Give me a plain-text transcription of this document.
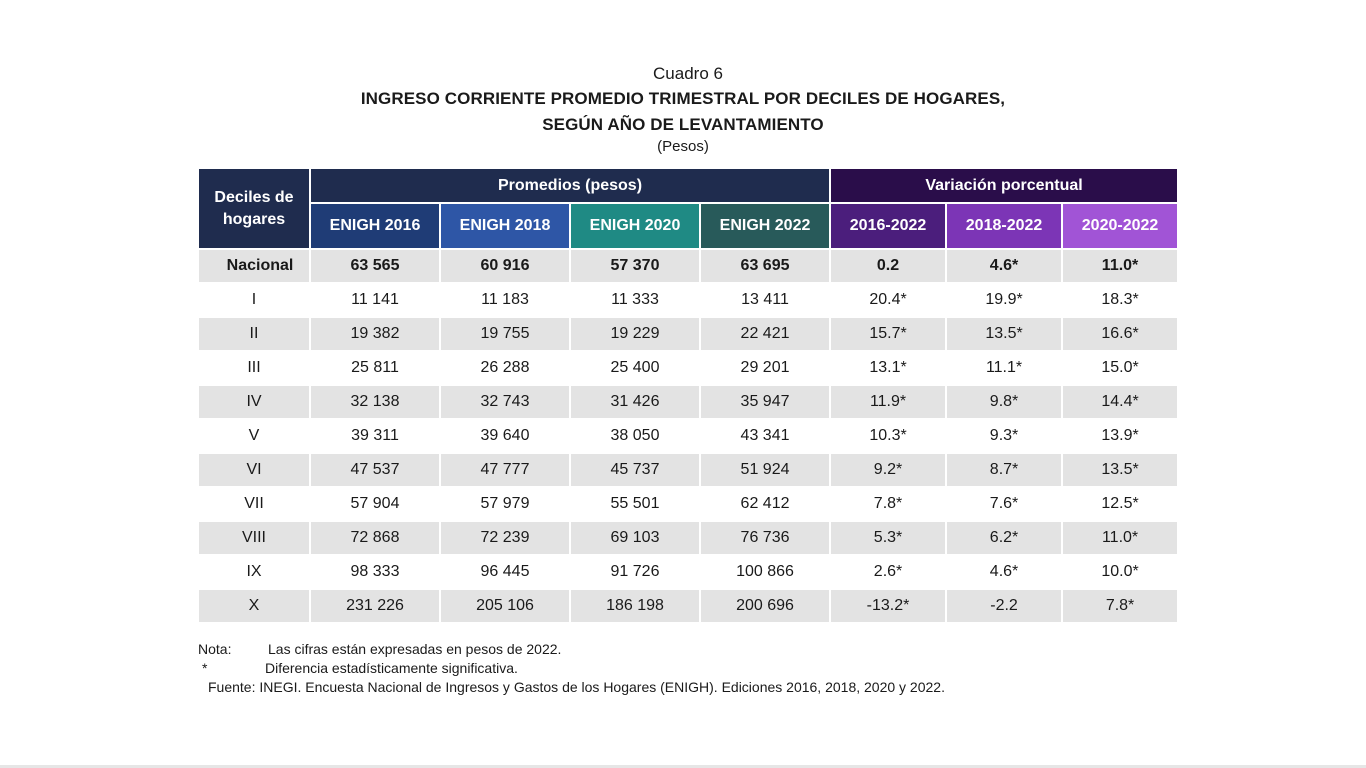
Cuadro 6
INGRESO CORRIENTE PROMEDIO TRIMESTRAL POR DECILES DE HOGARES,
SEGÚN AÑO DE LEVANTAMIENTO
(Pesos)
Deciles de hogares	Promedios (pesos)				Variación porcentual		
	ENIGH 2016	ENIGH 2018	ENIGH 2020	ENIGH 2022	2016-2022	2018-2022	2020-2022
Nacional	63 565	60 916	57 370	63 695	0.2	4.6*	11.0*
I	11 141	11 183	11 333	13 411	20.4*	19.9*	18.3*
II	19 382	19 755	19 229	22 421	15.7*	13.5*	16.6*
III	25 811	26 288	25 400	29 201	13.1*	11.1*	15.0*
IV	32 138	32 743	31 426	35 947	11.9*	9.8*	14.4*
V	39 311	39 640	38 050	43 341	10.3*	9.3*	13.9*
VI	47 537	47 777	45 737	51 924	9.2*	8.7*	13.5*
VII	57 904	57 979	55 501	62 412	7.8*	7.6*	12.5*
VIII	72 868	72 239	69 103	76 736	5.3*	6.2*	11.0*
IX	98 333	96 445	91 726	100 866	2.6*	4.6*	10.0*
X	231 226	205 106	186 198	200 696	-13.2*	-2.2	7.8*
Nota:	Las cifras están expresadas en pesos de 2022.
*	Diferencia estadísticamente significativa.
Fuente: INEGI. Encuesta Nacional de Ingresos y Gastos de los Hogares (ENIGH). Ediciones 2016, 2018, 2020 y 2022.
